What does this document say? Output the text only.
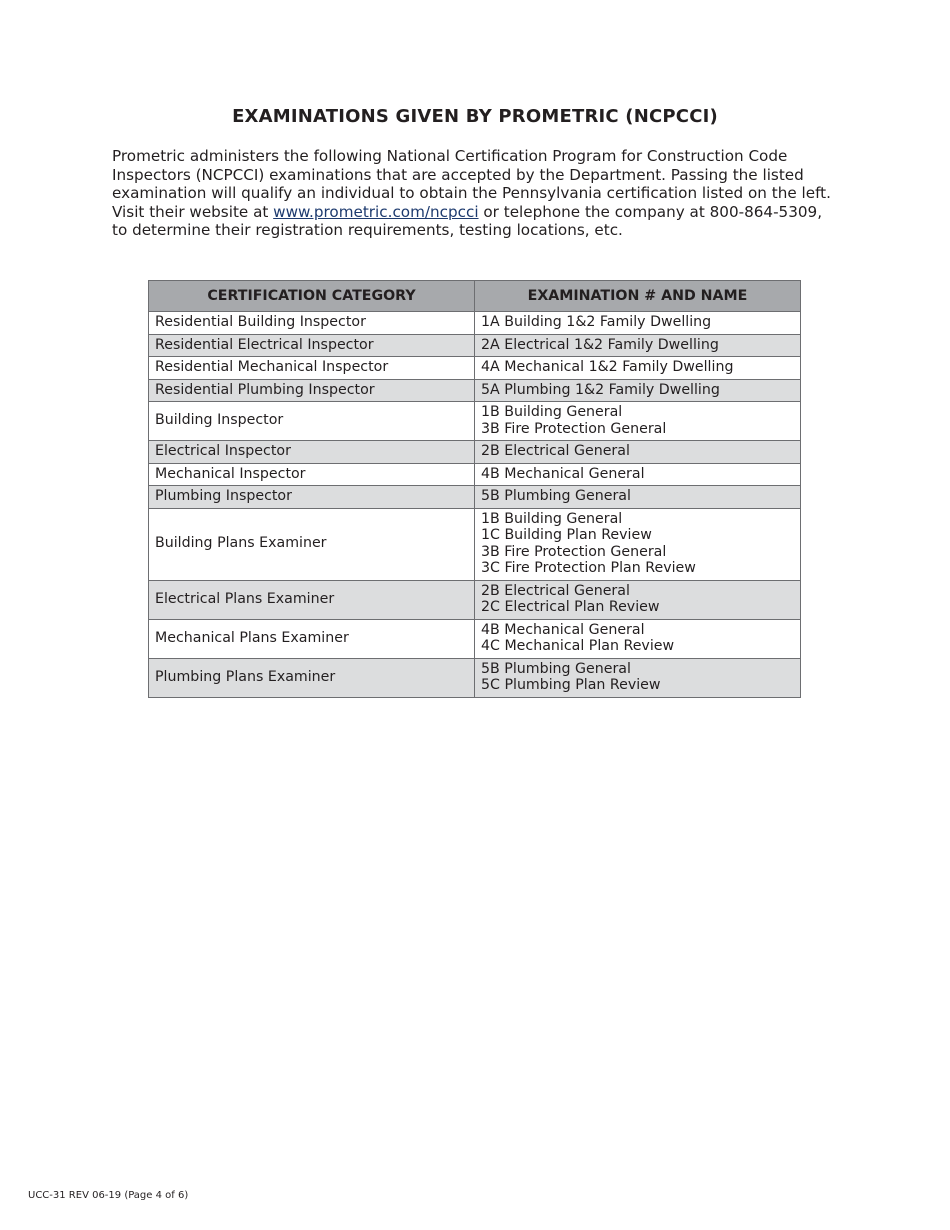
EXAMINATIONS GIVEN BY PROMETRIC (NCPCCI)

Prometric administers the following National Certification Program for Construction Code Inspectors (NCPCCI) examinations that are accepted by the Department. Passing the listed examination will qualify an individual to obtain the Pennsylvania certification listed on the left. Visit their website at www.prometric.com/ncpcci or telephone the company at 800-864-5309, to determine their registration requirements, testing locations, etc.

CERTIFICATION CATEGORY	EXAMINATION # AND NAME
Residential Building Inspector	1A Building 1&2 Family Dwelling

Residential Electrical Inspector	2A Electrical 1&2 Family Dwelling

Residential Mechanical Inspector	4A Mechanical 1&2 Family Dwelling

Residential Plumbing Inspector	5A Plumbing 1&2 Family Dwelling

Building Inspector	1B Building General
3B Fire Protection General

Electrical Inspector	2B Electrical General

Mechanical Inspector	4B Mechanical General

Plumbing Inspector	5B Plumbing General

Building Plans Examiner	1B Building General
1C Building Plan Review
3B Fire Protection General
3C Fire Protection Plan Review

Electrical Plans Examiner	2B Electrical General
2C Electrical Plan Review

Mechanical Plans Examiner	4B Mechanical General
4C Mechanical Plan Review

Plumbing Plans Examiner	5B Plumbing General
5C Plumbing Plan Review

UCC-31 REV 06-19 (Page 4 of 6)
